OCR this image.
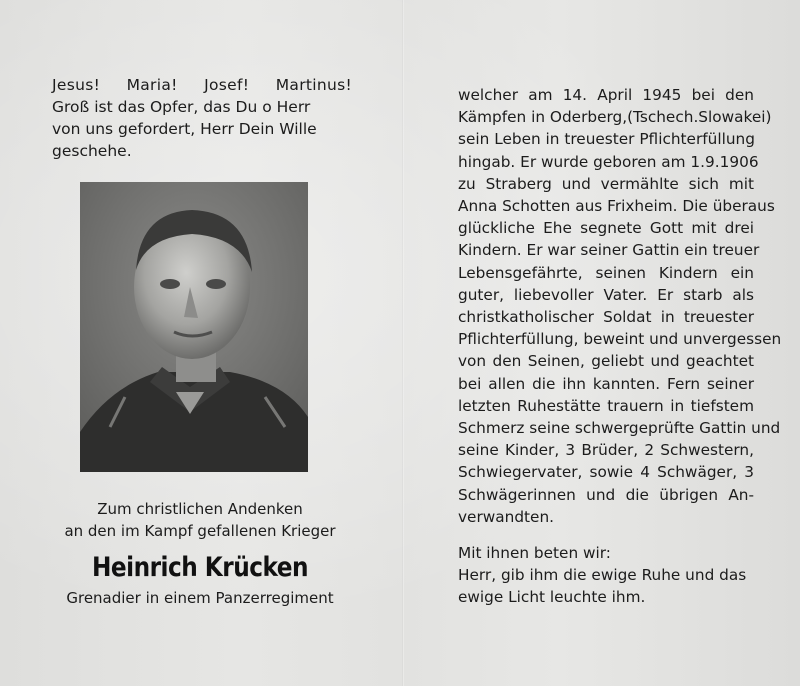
Jesus! Maria! Josef! Martinus!
Groß ist das Opfer, das Du o Herr
von uns gefordert, Herr Dein Wille
geschehe.
Zum christlichen Andenken
an den im Kampf gefallenen Krieger
Heinrich Krücken
Grenadier in einem Panzerregiment
welcher am 14. April 1945 bei den
Kämpfen in Oderberg,(Tschech.Slowakei)
sein Leben in treuester Pflichterfüllung
hingab. Er wurde geboren am 1.9.1906
zu Straberg und vermählte sich mit
Anna Schotten aus Frixheim. Die überaus
glückliche Ehe segnete Gott mit drei
Kindern. Er war seiner Gattin ein treuer
Lebensgefährte, seinen Kindern ein
guter, liebevoller Vater. Er starb als
christkatholischer Soldat in treuester
Pflichterfüllung, beweint und unvergessen
von den Seinen, geliebt und geachtet
bei allen die ihn kannten. Fern seiner
letzten Ruhestätte trauern in tiefstem
Schmerz seine schwergeprüfte Gattin und
seine Kinder, 3 Brüder, 2 Schwestern,
Schwiegervater, sowie 4 Schwäger, 3
Schwägerinnen und die übrigen An-
verwandten.
Mit ihnen beten wir:
Herr, gib ihm die ewige Ruhe und das
ewige Licht leuchte ihm.
